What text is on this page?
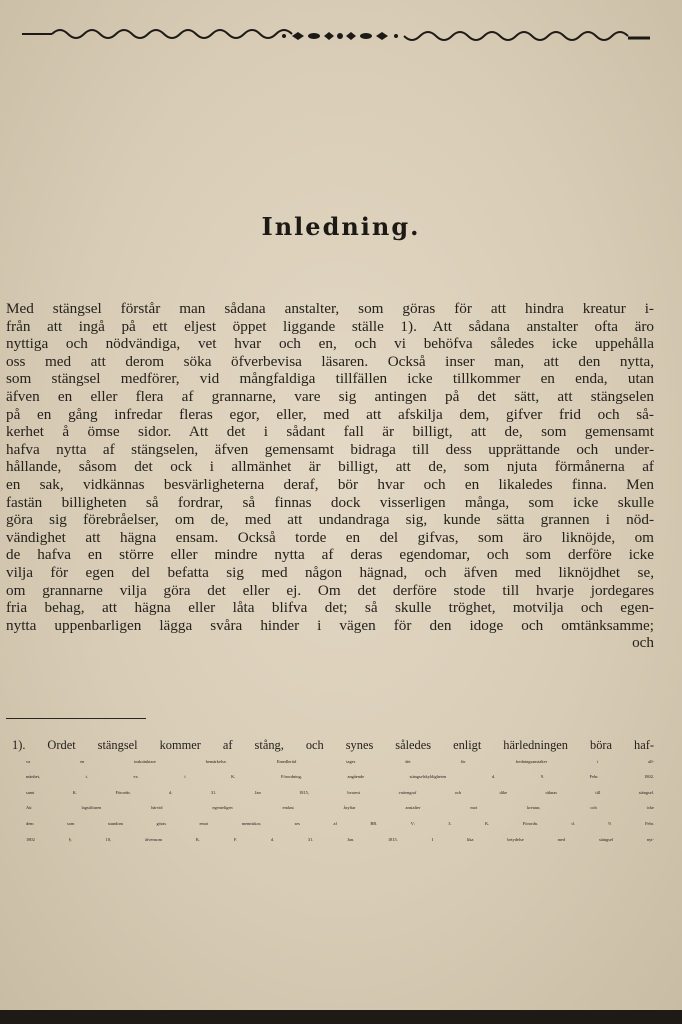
Inledning.
Med stängsel förstår man sådana anstalter, som göras för att hindra kreatur i-
från att ingå på ett eljest öppet liggande ställe 1). Att sådana anstalter ofta äro
nyttiga och nödvändiga, vet hvar och en, och vi behöfva således icke uppehålla
oss med att derom söka öfverbevisa läsaren. Också inser man, att den nytta,
som stängsel medförer, vid mångfaldiga tillfällen icke tillkommer en enda, utan
äfven en eller flera af grannarne, vare sig antingen på det sätt, att stängselen
på en gång infredar fleras egor, eller, med att afskilja dem, gifver frid och så-
kerhet å ömse sidor. Att det i sådant fall är billigt, att de, som gemensamt
hafva nytta af stängselen, äfven gemensamt bidraga till dess upprättande och under-
hållande, såsom det ock i allmänhet är billigt, att de, som njuta förmånerna af
en sak, vidkännas besvärligheterna deraf, bör hvar och en likaledes finna. Men
fastän billigheten så fordrar, så finnas dock visserligen många, som icke skulle
göra sig förebråelser, om de, med att undandraga sig, kunde sätta grannen i nöd-
vändighet att hägna ensam. Också torde en del gifvas, som äro liknöjde, om
de hafva en större eller mindre nytta af deras egendomar, och som derföre icke
vilja för egen del befatta sig med någon hägnad, och äfven med liknöjdhet se,
om grannarne vilja göra det eller ej. Om det derföre stode till hvarje jordegares
fria behag, att hägna eller låta blifva det; så skulle tröghet, motvilja och egen-
nytta uppenbarligen lägga svåra hinder i vägen för den idoge och omtänksamme;
och
1). Ordet stängsel kommer af stång, och synes således enligt härledningen böra haf-
va en inskränktare bemärkelse. Emedlertid tages det för fredningsanstalter i all-
mänhet, t. ex. i K. Förordning, angående stängselskyldigheten d. 9. Febr. 1802.
samt K. Förordn. d. 31. Jan 1815, hvarest vattengraf och dike räknas till stängsel.
Att lagstiftaren härvid egenteligen endast åsyftar anstalter mot kreatur, och icke
dem som stundom göras emot menniskor, ses af BB. V: 3. K. Förordn. d. 9. Febr.
1802 §. 10, äfvensom K. F. d. 31. Jan. 1815. I lika betydelse med stängsel nyt-
